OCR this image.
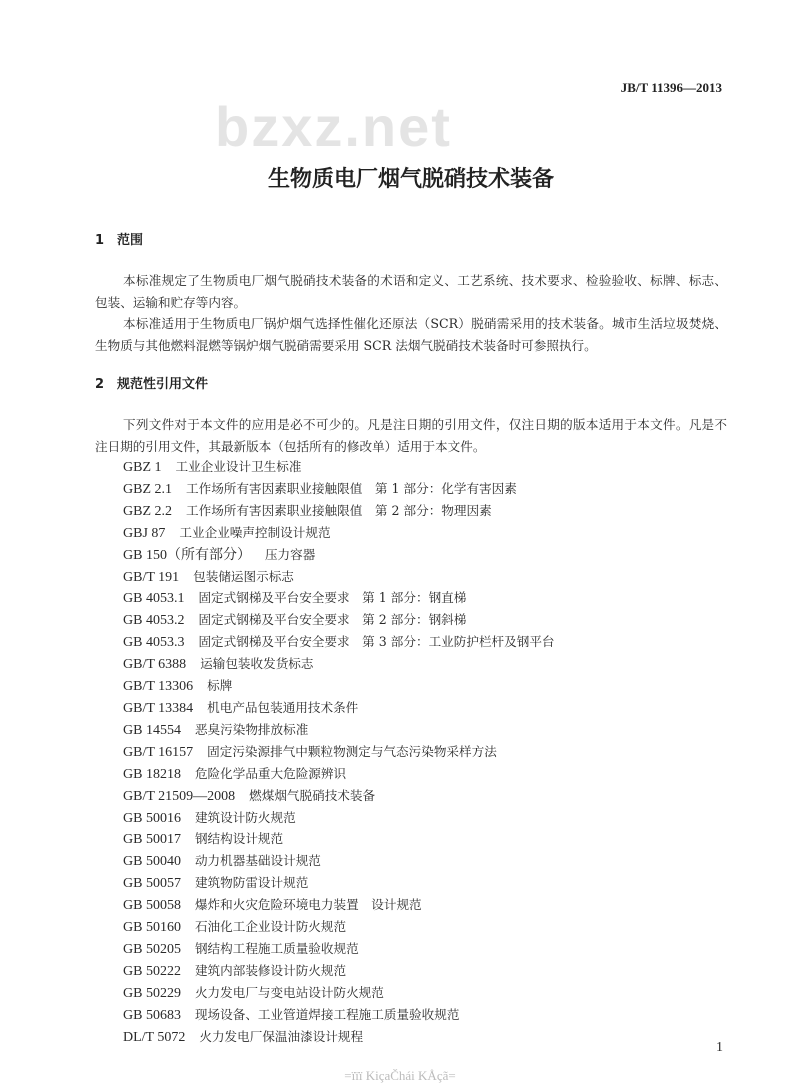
JB/T 11396—2013
bzxz.net
生物质电厂烟气脱硝技术装备
1 范围

本标准规定了生物质电厂烟气脱硝技术装备的术语和定义、工艺系统、技术要求、检验验收、标牌、标志、包装、运输和贮存等内容。

本标准适用于生物质电厂锅炉烟气选择性催化还原法（SCR）脱硝需采用的技术装备。城市生活垃圾焚烧、生物质与其他燃料混燃等锅炉烟气脱硝需要采用 SCR 法烟气脱硝技术装备时可参照执行。

2 规范性引用文件

下列文件对于本文件的应用是必不可少的。凡是注日期的引用文件，仅注日期的版本适用于本文件。凡是不注日期的引用文件，其最新版本（包括所有的修改单）适用于本文件。

GBZ 1 工业企业设计卫生标准
GBZ 2.1 工作场所有害因素职业接触限值　第 1 部分：化学有害因素
GBZ 2.2 工作场所有害因素职业接触限值　第 2 部分：物理因素
GBJ 87 工业企业噪声控制设计规范
GB 150（所有部分） 压力容器
GB/T 191 包装储运图示标志
GB 4053.1 固定式钢梯及平台安全要求　第 1 部分：钢直梯
GB 4053.2 固定式钢梯及平台安全要求　第 2 部分：钢斜梯
GB 4053.3 固定式钢梯及平台安全要求　第 3 部分：工业防护栏杆及钢平台
GB/T 6388 运输包装收发货标志
GB/T 13306 标牌
GB/T 13384 机电产品包装通用技术条件
GB 14554 恶臭污染物排放标准
GB/T 16157 固定污染源排气中颗粒物测定与气态污染物采样方法
GB 18218 危险化学品重大危险源辨识
GB/T 21509—2008 燃煤烟气脱硝技术装备
GB 50016 建筑设计防火规范
GB 50017 钢结构设计规范
GB 50040 动力机器基础设计规范
GB 50057 建筑物防雷设计规范
GB 50058 爆炸和火灾危险环境电力装置　设计规范
GB 50160 石油化工企业设计防火规范
GB 50205 钢结构工程施工质量验收规范
GB 50222 建筑内部装修设计防火规范
GB 50229 火力发电厂与变电站设计防火规范
GB 50683 现场设备、工业管道焊接工程施工质量验收规范
DL/T 5072 火力发电厂保温油漆设计规程
1
=ïïï KiçaČhái KÅçã=
